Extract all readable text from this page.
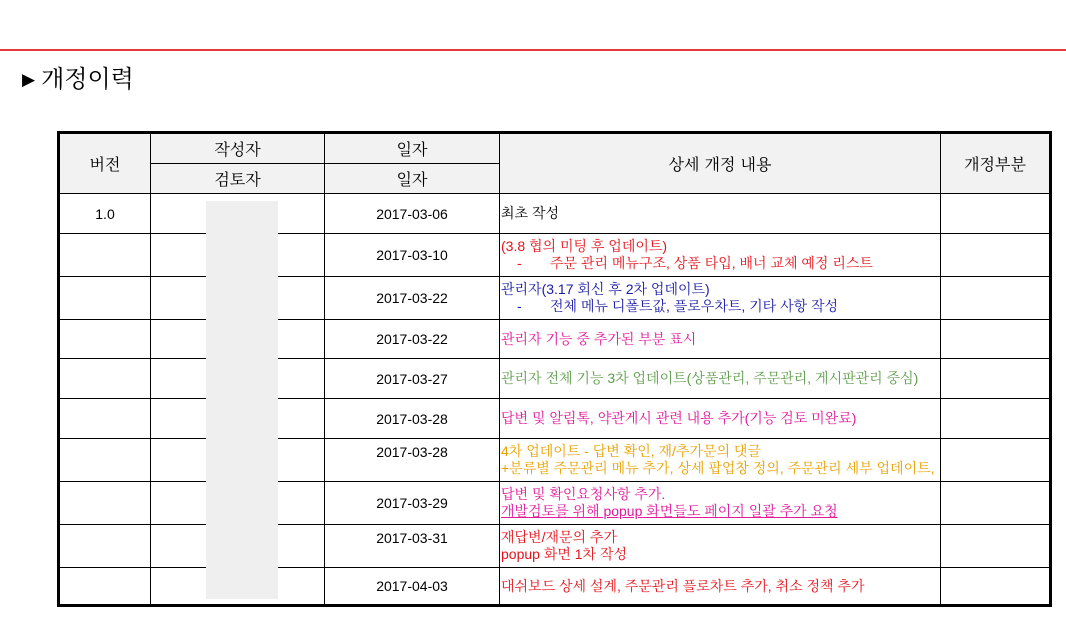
▶ 개정이력
버전	작성자	일자	상세 개정 내용	개정부분
	검토자	일자		
1.0		2017-03-06	최초 작성	
		2017-03-10	(3.8 협의 미팅 후 업데이트)
- 주문 관리 메뉴구조, 상품 타입, 배너 교체 예정 리스트	

		2017-03-22	관리자(3.17 회신 후 2차 업데이트)
- 전체 메뉴 디폴트값, 플로우차트, 기타 사항 작성	

		2017-03-22	관리자 기능 중 추가된 부분 표시	
		2017-03-27	관리자 전체 기능 3차 업데이트(상품관리, 주문관리, 게시판관리 중심)	
		2017-03-28	답변 및 알림톡, 약관게시 관련 내용 추가(기능 검토 미완료)	
		2017-03-28	4차 업데이트 - 답변 확인, 재/추가문의 댓글
+분류별 주문관리 메뉴 추가, 상세 팝업창 정의, 주문관리 세부 업데이트,	
		2017-03-29	답변 및 확인요청사항 추가.
개발검토를 위해 popup 화면들도 페이지 일괄 추가 요청	
		2017-03-31	재답변/재문의 추가
popup 화면 1차 작성	
		2017-04-03	대쉬보드 상세 설계, 주문관리 플로차트 추가, 취소 정책 추가	
